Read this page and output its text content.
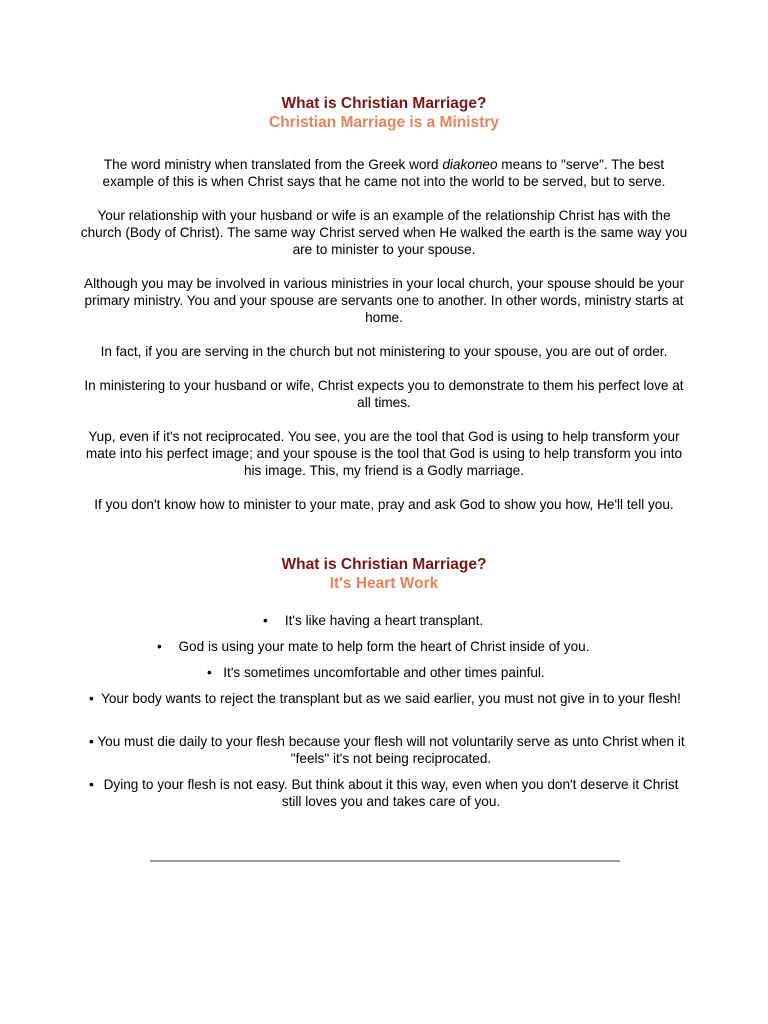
What is Christian Marriage?
Christian Marriage is a Ministry

The word ministry when translated from the Greek word diakoneo means to "serve". The best example of this is when Christ says that he came not into the world to be served, but to serve.

Your relationship with your husband or wife is an example of the relationship Christ has with the church (Body of Christ). The same way Christ served when He walked the earth is the same way you are to minister to your spouse.

Although you may be involved in various ministries in your local church, your spouse should be your primary ministry. You and your spouse are servants one to another. In other words, ministry starts at home.

In fact, if you are serving in the church but not ministering to your spouse, you are out of order.

In ministering to your husband or wife, Christ expects you to demonstrate to them his perfect love at all times.

Yup, even if it's not reciprocated. You see, you are the tool that God is using to help transform your mate into his perfect image; and your spouse is the tool that God is using to help transform you into his image. This, my friend is a Godly marriage.

If you don't know how to minister to your mate, pray and ask God to show you how, He'll tell you.

What is Christian Marriage?
It's Heart Work
•	It's like having a heart transplant.
•	God is using your mate to help form the heart of Christ inside of you.
• It's sometimes uncomfortable and other times painful.
• Your body wants to reject the transplant but as we said earlier, you must not give in to your flesh!
• You must die daily to your flesh because your flesh will not voluntarily serve as unto Christ when it "feels" it's not being reciprocated.
• Dying to your flesh is not easy. But think about it this way, even when you don't deserve it Christ still loves you and takes care of you.
